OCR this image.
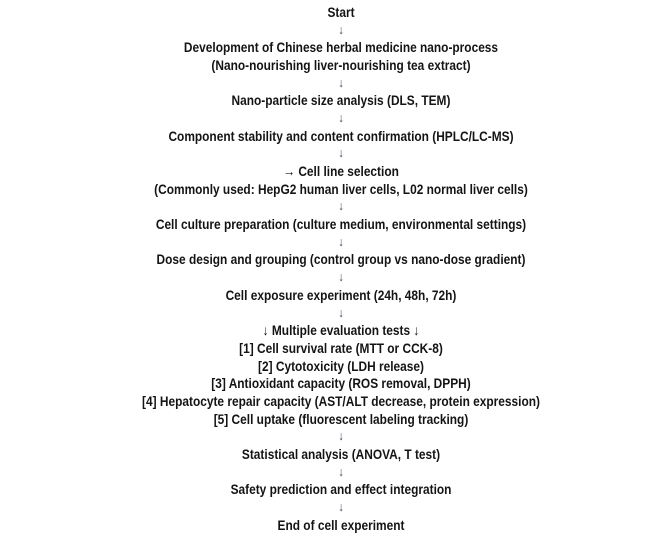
Start
↓
Development of Chinese herbal medicine nano-process
(Nano-nourishing liver-nourishing tea extract)
↓
Nano-particle size analysis (DLS, TEM)
↓
Component stability and content confirmation (HPLC/LC-MS)
↓
→ Cell line selection
(Commonly used: HepG2 human liver cells, L02 normal liver cells)
↓
Cell culture preparation (culture medium, environmental settings)
↓
Dose design and grouping (control group vs nano-dose gradient)
↓
Cell exposure experiment (24h, 48h, 72h)
↓
↓ Multiple evaluation tests ↓
[1] Cell survival rate (MTT or CCK-8)
[2] Cytotoxicity (LDH release)
[3] Antioxidant capacity (ROS removal, DPPH)
[4] Hepatocyte repair capacity (AST/ALT decrease, protein expression)
[5] Cell uptake (fluorescent labeling tracking)
↓
Statistical analysis (ANOVA, T test)
↓
Safety prediction and effect integration
↓
End of cell experiment
